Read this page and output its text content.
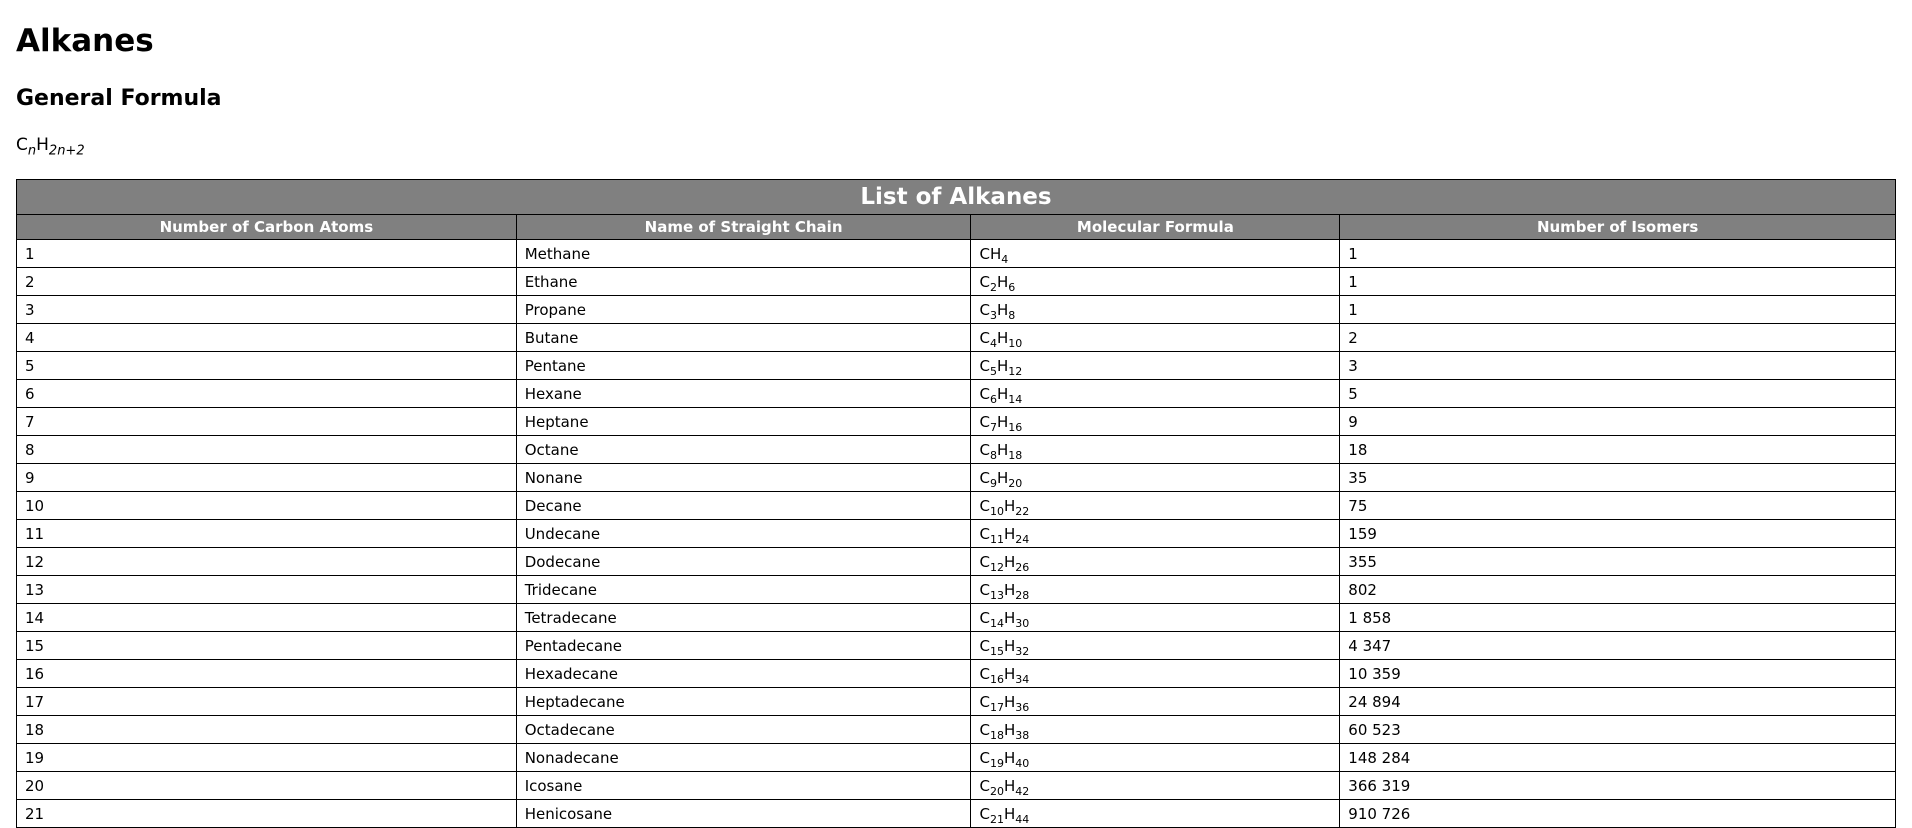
Alkanes
General Formula

$C_nH_{2n+2}$

List of Alkanes
Number of Carbon Atoms	Name of Straight Chain	Molecular Formula	Number of Isomers
1	Methane	$CH_4$	1
2	Ethane	$C_2H_6$	1
3	Propane	$C_3H_8$	1
4	Butane	$C_4H_{10}$	2
5	Pentane	$C_5H_{12}$	3
6	Hexane	$C_6H_{14}$	5
7	Heptane	$C_7H_{16}$	9
8	Octane	$C_8H_{18}$	18
9	Nonane	$C_9H_{20}$	35
10	Decane	$C_{10}H_{22}$	75
11	Undecane	$C_{11}H_{24}$	159
12	Dodecane	$C_{12}H_{26}$	355
13	Tridecane	$C_{13}H_{28}$	802
14	Tetradecane	$C_{14}H_{30}$	1 858
15	Pentadecane	$C_{15}H_{32}$	4 347
16	Hexadecane	$C_{16}H_{34}$	10 359
17	Heptadecane	$C_{17}H_{36}$	24 894
18	Octadecane	$C_{18}H_{38}$	60 523
19	Nonadecane	$C_{19}H_{40}$	148 284
20	Icosane	$C_{20}H_{42}$	366 319
21	Henicosane	$C_{21}H_{44}$	910 726
